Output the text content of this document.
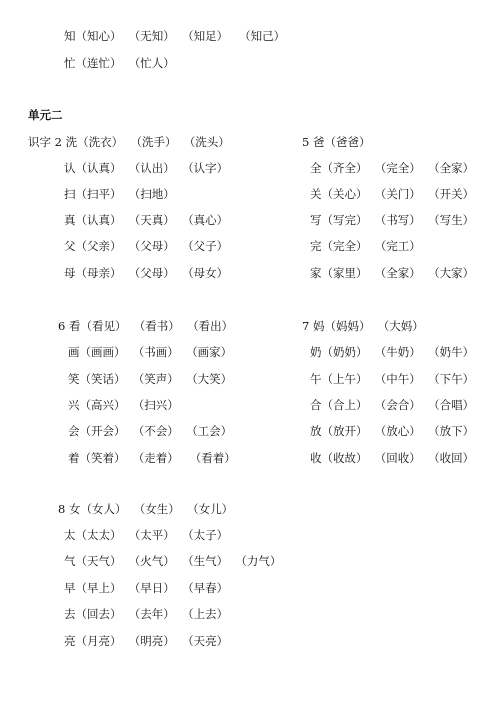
知（知心）  （无知）  （知足）   （知己）
忙（连忙）  （忙人）
单元二
识字 2 洗（洗衣）  （洗手）  （洗头）
认（认真）  （认出）  （认字）
扫（扫平）  （扫地）
真（认真）  （天真）  （真心）
父（父亲）  （父母）  （父子）
母（母亲）  （父母）  （母女）
5 爸（爸爸）
全（齐全）  （完全）  （全家）
关（关心）  （关门）  （开关）
写（写完）  （书写）  （写生）
完（完全）  （完工）
家（家里）  （全家）  （大家）
6 看（看见）  （看书）  （看出）
画（画画）  （书画）  （画家）
笑（笑话）  （笑声）  （大笑）
兴（高兴）  （扫兴）
会（开会）  （不会）  （工会）
着（笑着）  （走着）   （看着）
7 妈（妈妈）  （大妈）
奶（奶奶）  （牛奶）  （奶牛）
午（上午）  （中午）  （下午）
合（合上）  （会合）  （合唱）
放（放开）  （放心）  （放下）
收（收故）  （回收）  （收回）
8 女（女人）  （女生）  （女儿）
太（太太）  （太平）  （太子）
气（天气）  （火气）  （生气）  （力气）
早（早上）  （早日）  （早春）
去（回去）  （去年）  （上去）
亮（月亮）  （明亮）  （天亮）
